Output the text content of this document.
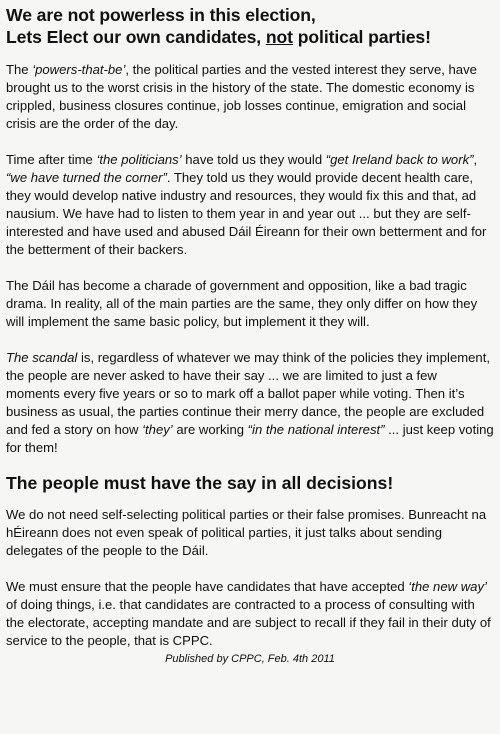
We are not powerless in this election,
Lets Elect our own candidates, not political parties!

The ‘powers-that-be’, the political parties and the vested interest they serve, have brought us to the worst crisis in the history of the state. The domestic economy is crippled, business closures continue, job losses continue, emigration and social crisis are the order of the day.

Time after time ‘the politicians’ have told us they would “get Ireland back to work”, “we have turned the corner”. They told us they would provide decent health care, they would develop native industry and resources, they would fix this and that, ad nausium. We have had to listen to them year in and year out ... but they are self-interested and have used and abused Dáil Éireann for their own betterment and for the betterment of their backers.

The Dáil has become a charade of government and opposition, like a bad tragic drama. In reality, all of the main parties are the same, they only differ on how they will implement the same basic policy, but implement it they will.

The scandal is, regardless of whatever we may think of the policies they implement, the people are never asked to have their say ... we are limited to just a few moments every five years or so to mark off a ballot paper while voting. Then it’s business as usual, the parties continue their merry dance, the people are excluded and fed a story on how ‘they’ are working “in the national interest” ... just keep voting for them!

The people must have the say in all decisions!

We do not need self-selecting political parties or their false promises. Bunreacht na hÉireann does not even speak of political parties, it just talks about sending delegates of the people to the Dáil.

We must ensure that the people have candidates that have accepted ‘the new way’ of doing things, i.e. that candidates are contracted to a process of consulting with the electorate, accepting mandate and are subject to recall if they fail in their duty of service to the people, that is CPPC.

Published by CPPC, Feb. 4th 2011
